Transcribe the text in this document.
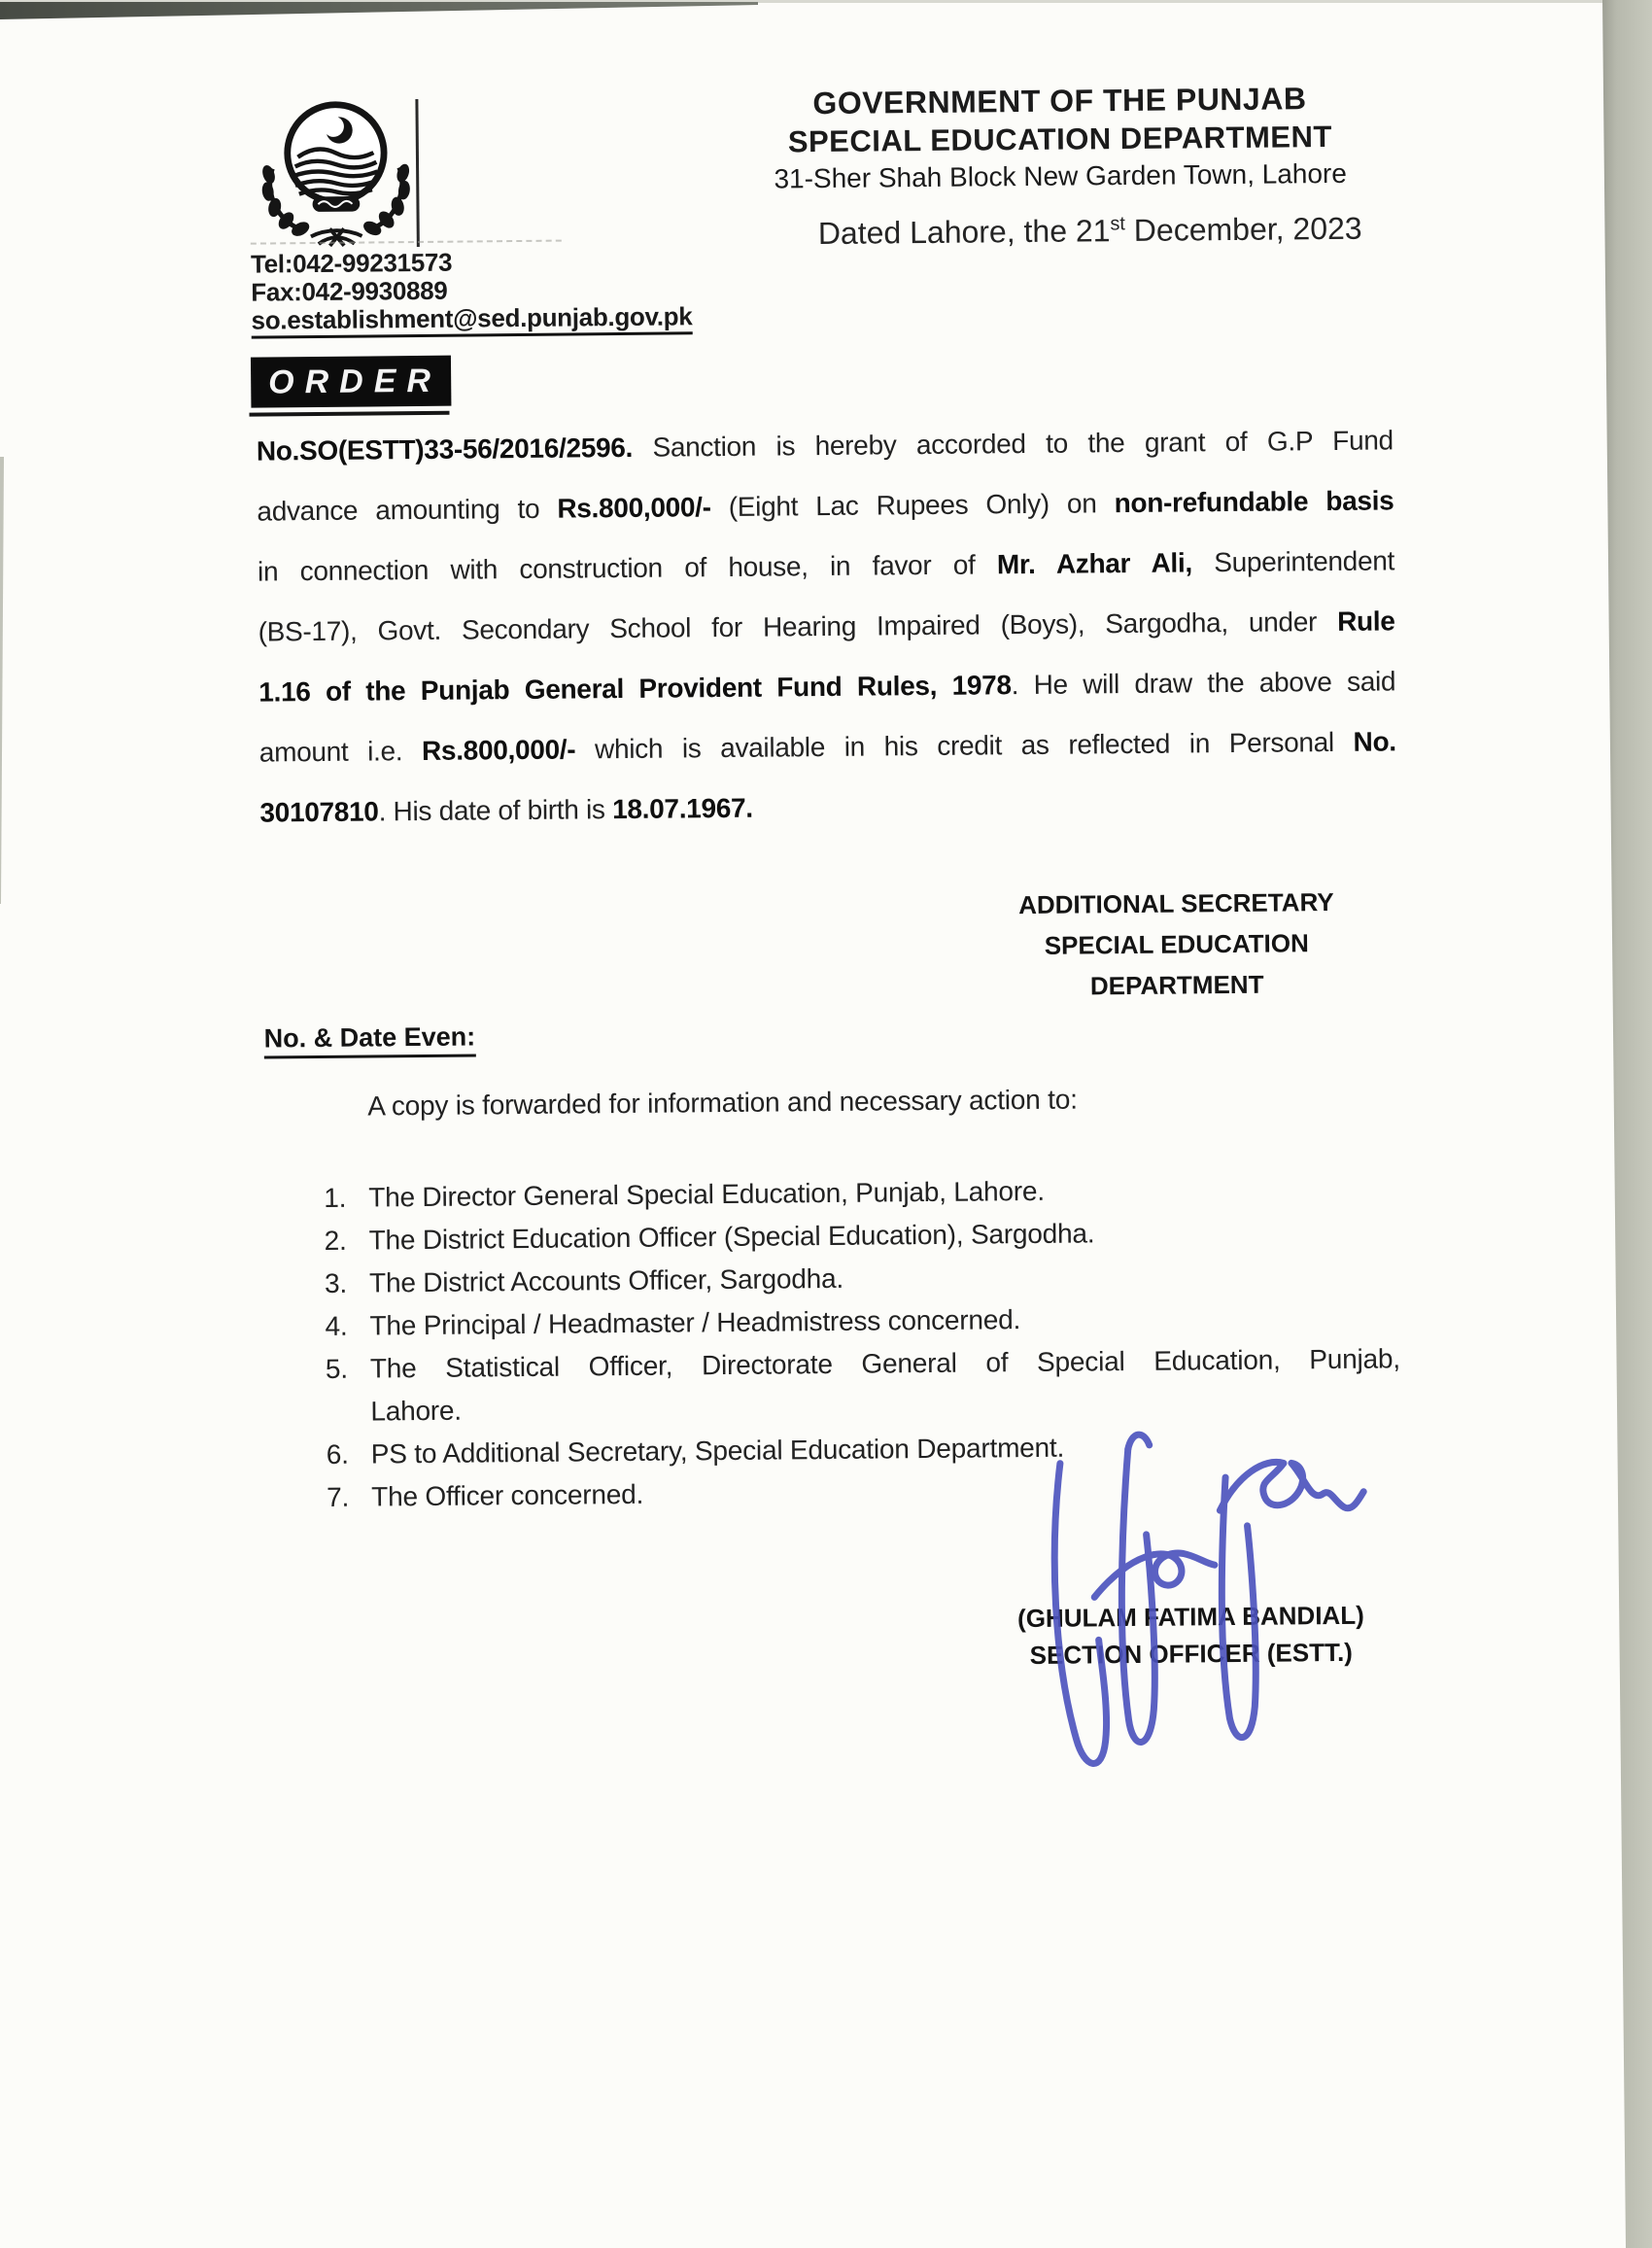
Tel:042-99231573
Fax:042-9930889
so.establishment@sed.punjab.gov.pk
GOVERNMENT OF THE PUNJAB
SPECIAL EDUCATION DEPARTMENT
31-Sher Shah Block New Garden Town, Lahore
Dated Lahore, the 21st December, 2023
ORDER
No.SO(ESTT)33-56/2016/2596. Sanction is hereby accorded to the grant of G.P Fund
advance amounting to Rs.800,000/- (Eight Lac Rupees Only) on non-refundable basis
in connection with construction of house, in favor of Mr. Azhar Ali, Superintendent
(BS-17), Govt. Secondary School for Hearing Impaired (Boys), Sargodha, under Rule
1.16 of the Punjab General Provident Fund Rules, 1978. He will draw the above said
amount i.e. Rs.800,000/- which is available in his credit as reflected in Personal No.
30107810. His date of birth is 18.07.1967.
ADDITIONAL SECRETARY
SPECIAL EDUCATION
DEPARTMENT
No. & Date Even:
A copy is forwarded for information and necessary action to:
1. The Director General Special Education, Punjab, Lahore.
2. The District Education Officer (Special Education), Sargodha.
3. The District Accounts Officer, Sargodha.
4. The Principal / Headmaster / Headmistress concerned.
5. The Statistical Officer, Directorate General of Special Education, Punjab,
Lahore.
6. PS to Additional Secretary, Special Education Department.
7. The Officer concerned.
(GHULAM FATIMA BANDIAL)
SECTION OFFICER (ESTT.)
